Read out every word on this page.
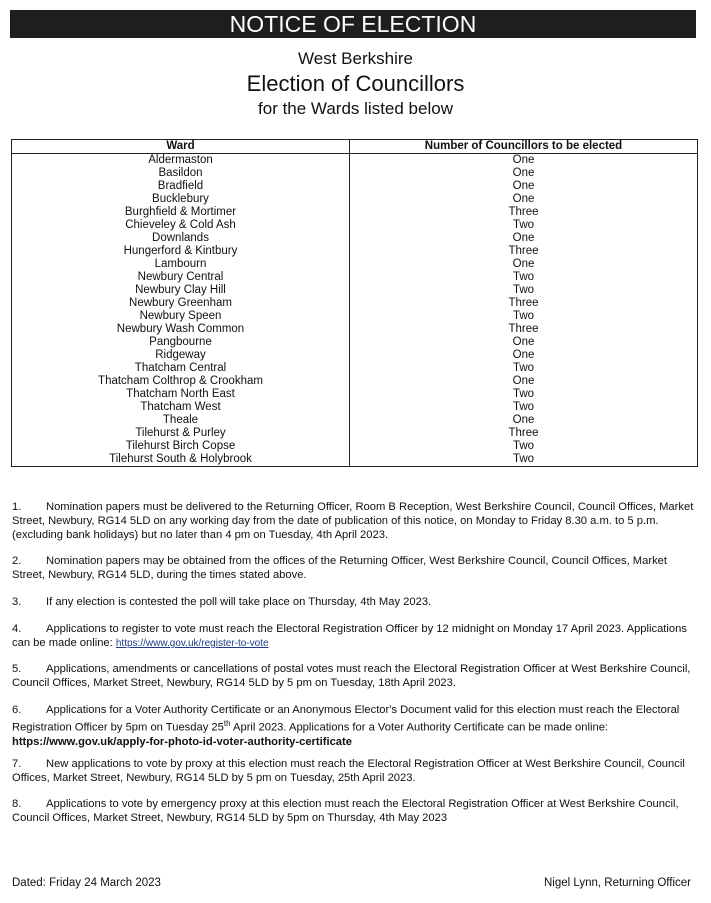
NOTICE OF ELECTION
West Berkshire
Election of Councillors
for the Wards listed below
Ward	Number of Councillors to be elected
Aldermaston	One
Basildon	One
Bradfield	One
Bucklebury	One
Burghfield & Mortimer	Three
Chieveley & Cold Ash	Two
Downlands	One
Hungerford & Kintbury	Three
Lambourn	One
Newbury Central	Two
Newbury Clay Hill	Two
Newbury Greenham	Three
Newbury Speen	Two
Newbury Wash Common	Three
Pangbourne	One
Ridgeway	One
Thatcham Central	Two
Thatcham Colthrop & Crookham	One
Thatcham North East	Two
Thatcham West	Two
Theale	One
Tilehurst & Purley	Three
Tilehurst Birch Copse	Two
Tilehurst South & Holybrook	Two
1. Nomination papers must be delivered to the Returning Officer, Room B Reception, West Berkshire Council, Council Offices, Market Street, Newbury, RG14 5LD on any working day from the date of publication of this notice, on Monday to Friday 8.30 a.m. to 5 p.m. (excluding bank holidays) but no later than 4 pm on Tuesday, 4th April 2023.
2. Nomination papers may be obtained from the offices of the Returning Officer, West Berkshire Council, Council Offices, Market Street, Newbury, RG14 5LD, during the times stated above.
3. If any election is contested the poll will take place on Thursday, 4th May 2023.
4. Applications to register to vote must reach the Electoral Registration Officer by 12 midnight on Monday 17 April 2023. Applications can be made online: https://www.gov.uk/register-to-vote
5. Applications, amendments or cancellations of postal votes must reach the Electoral Registration Officer at West Berkshire Council, Council Offices, Market Street, Newbury, RG14 5LD by 5 pm on Tuesday, 18th April 2023.
6. Applications for a Voter Authority Certificate or an Anonymous Elector's Document valid for this election must reach the Electoral Registration Officer by 5pm on Tuesday 25th April 2023. Applications for a Voter Authority Certificate can be made online: https://www.gov.uk/apply-for-photo-id-voter-authority-certificate
7. New applications to vote by proxy at this election must reach the Electoral Registration Officer at West Berkshire Council, Council Offices, Market Street, Newbury, RG14 5LD by 5 pm on Tuesday, 25th April 2023.
8. Applications to vote by emergency proxy at this election must reach the Electoral Registration Officer at West Berkshire Council, Council Offices, Market Street, Newbury, RG14 5LD by 5pm on Thursday, 4th May 2023
Dated: Friday 24 March 2023	Nigel Lynn, Returning Officer
